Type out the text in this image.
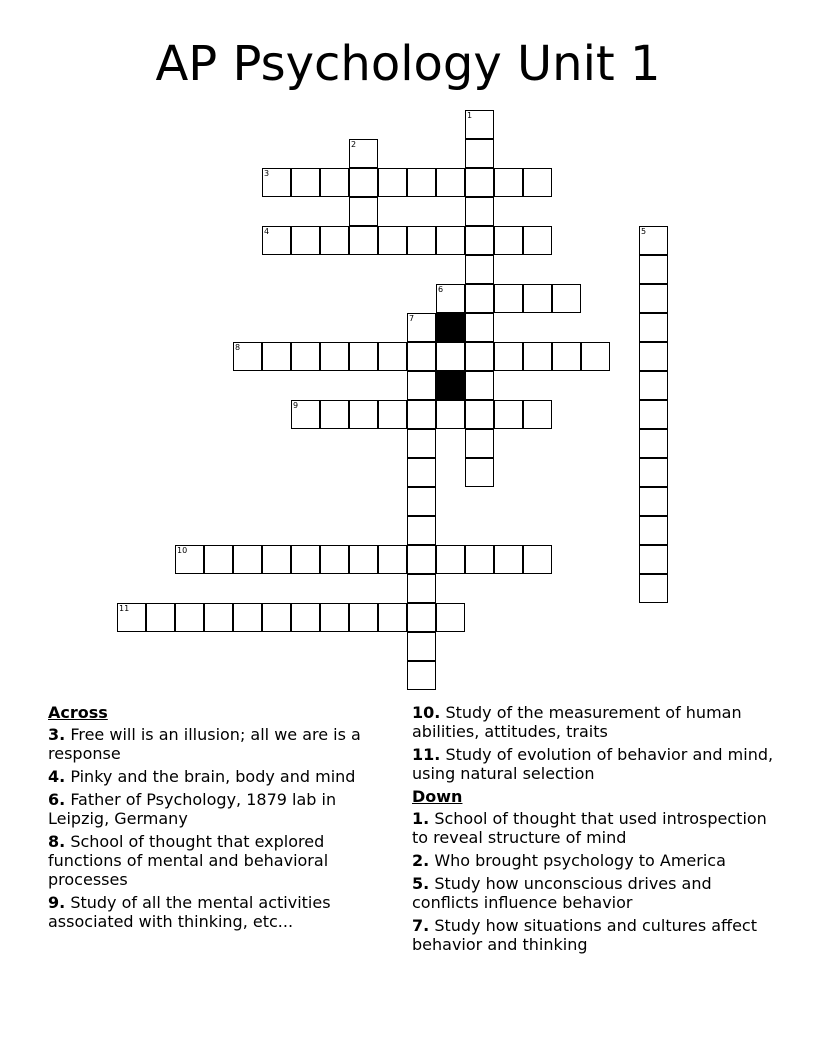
AP Psychology Unit 1
1
2
3
4	5
6
7
8
9
10
11
Across
3. Free will is an illusion; all we are is a response
4. Pinky and the brain, body and mind
6. Father of Psychology, 1879 lab in Leipzig, Germany
8. School of thought that explored functions of mental and behavioral processes
9. Study of all the mental activities associated with thinking, etc...
10. Study of the measurement of human abilities, attitudes, traits
11. Study of evolution of behavior and mind, using natural selection
Down
1. School of thought that used introspection to reveal structure of mind
2. Who brought psychology to America
5. Study how unconscious drives and conflicts influence behavior
7. Study how situations and cultures affect behavior and thinking
